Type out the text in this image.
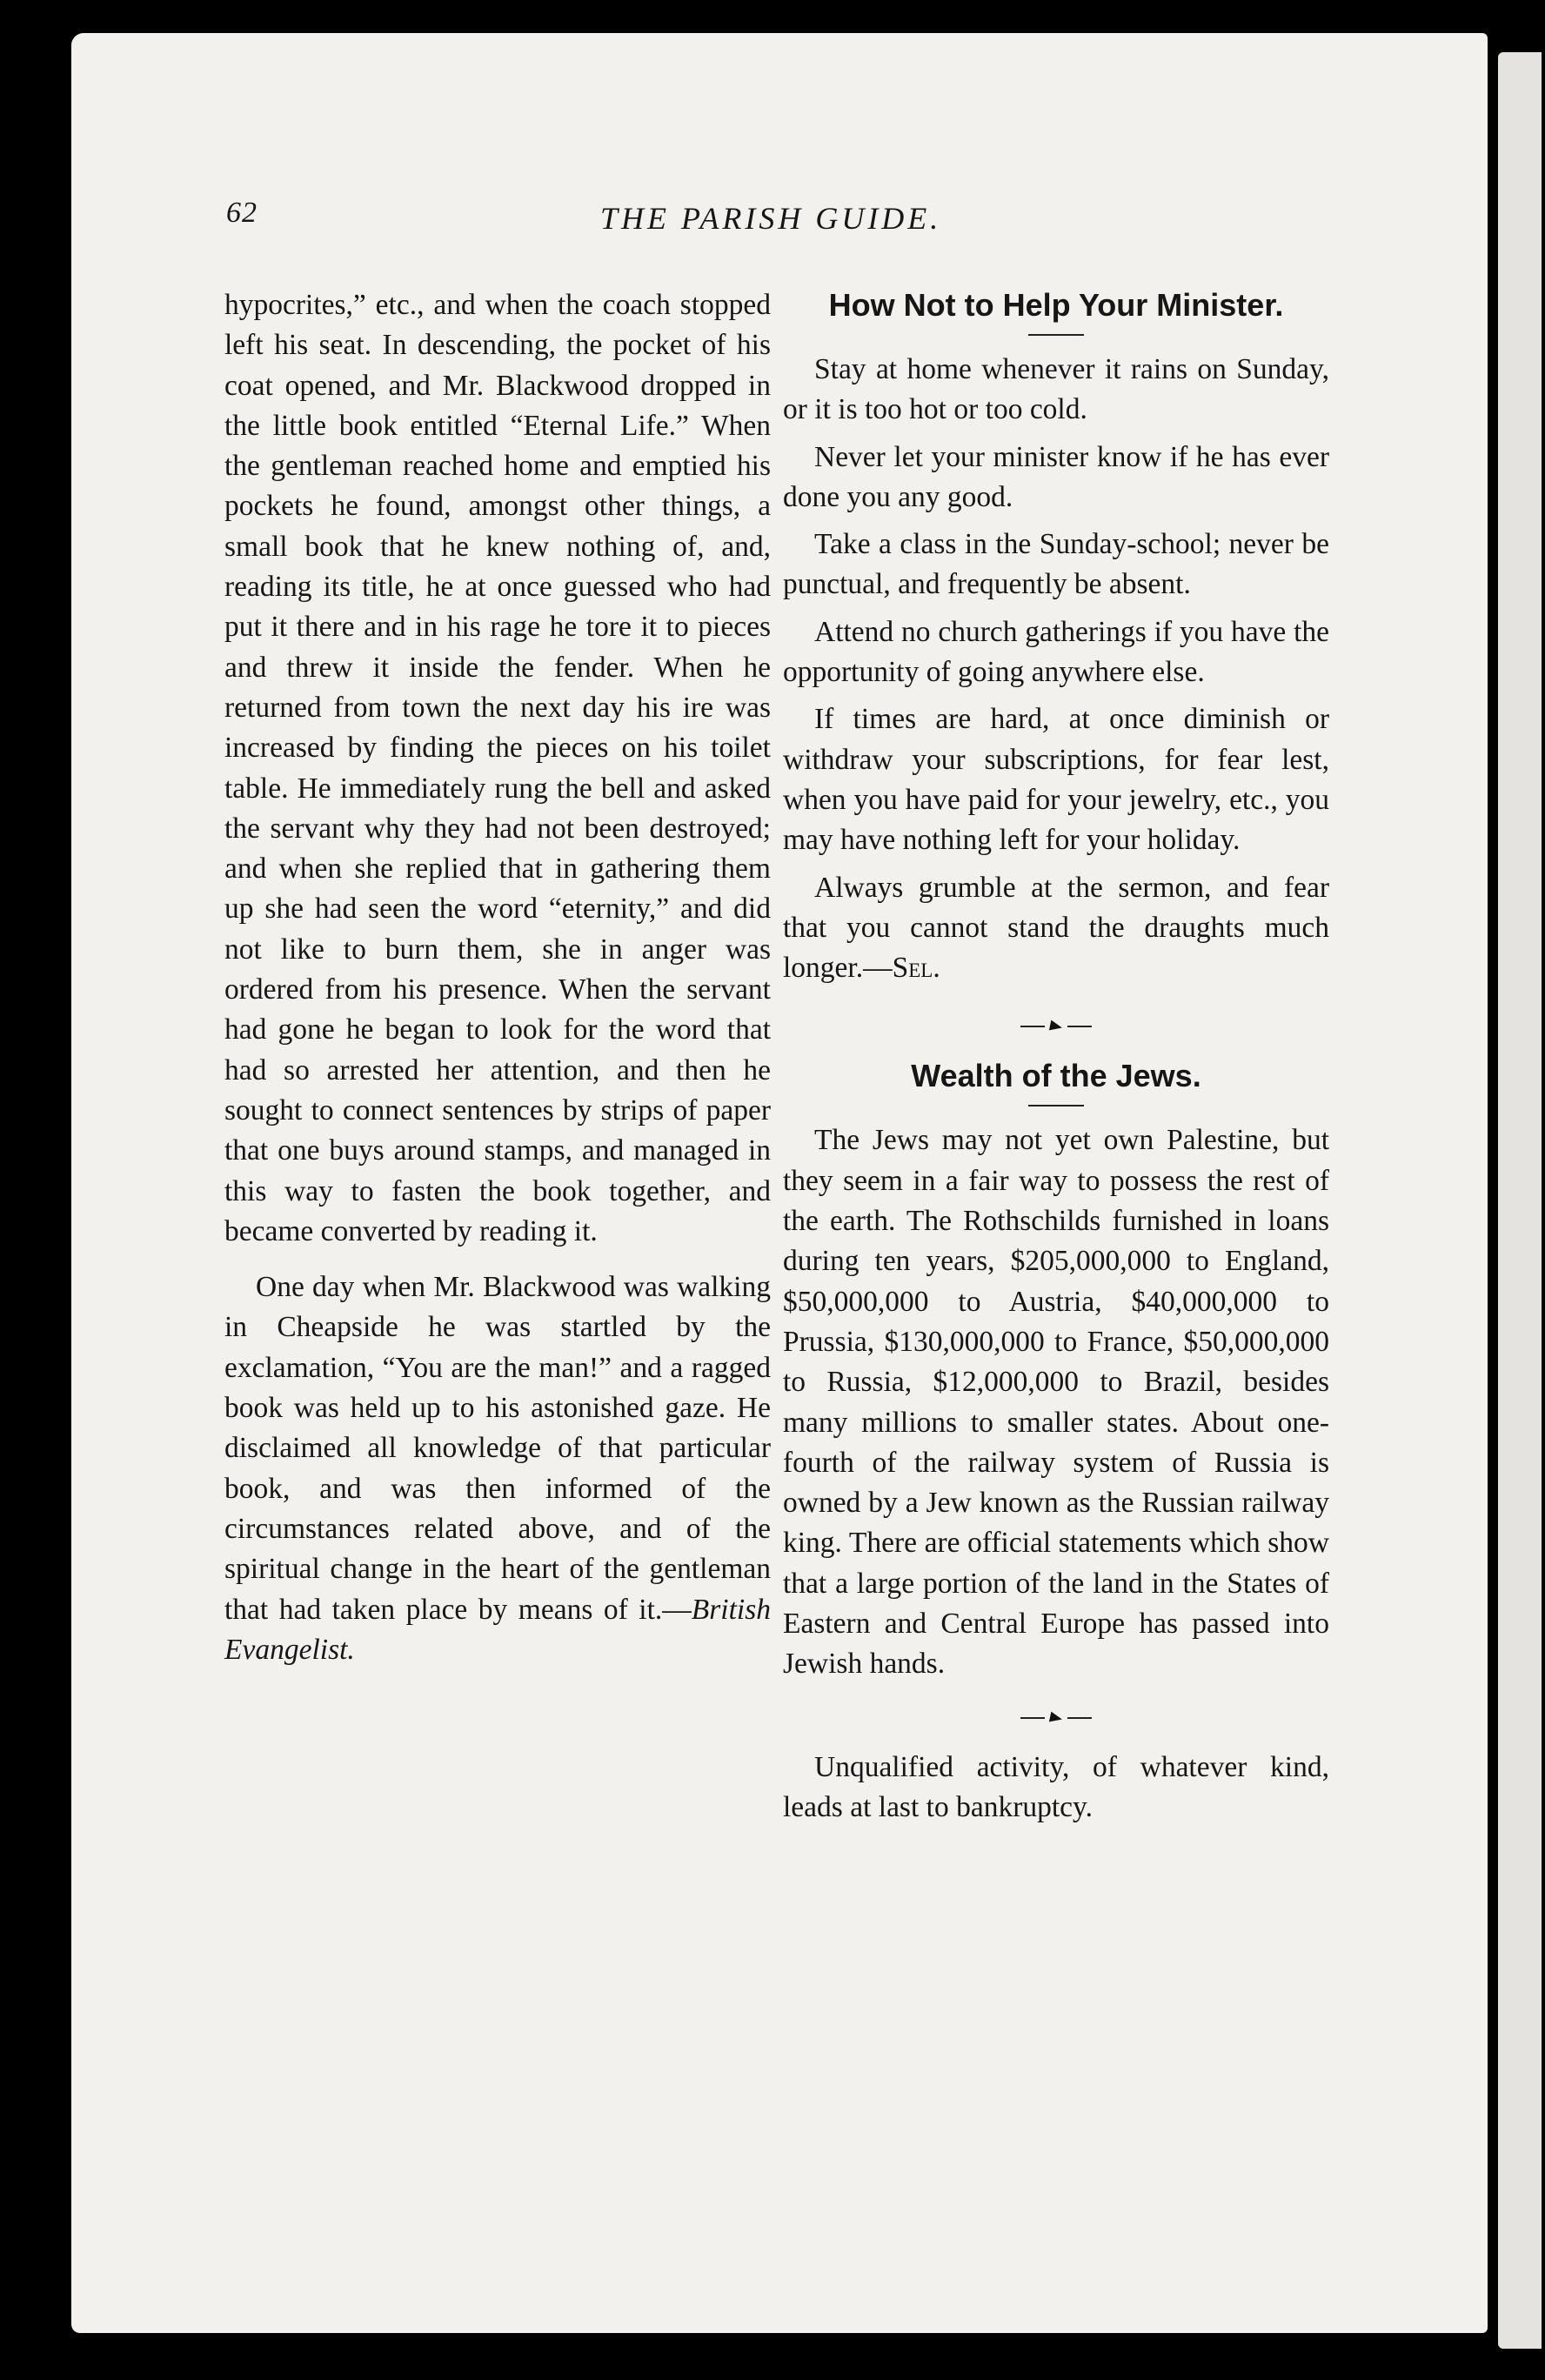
62	THE PARISH GUIDE.

hypocrites,” etc., and when the coach stopped left his seat. In descending, the pocket of his coat opened, and Mr. Blackwood dropped in the little book entitled “Eternal Life.” When the gentleman reached home and emptied his pockets he found, amongst other things, a small book that he knew nothing of, and, reading its title, he at once guessed who had put it there and in his rage he tore it to pieces and threw it inside the fender. When he returned from town the next day his ire was increased by finding the pieces on his toilet table. He immediately rung the bell and asked the servant why they had not been destroyed; and when she replied that in gathering them up she had seen the word “eternity,” and did not like to burn them, she in anger was ordered from his presence. When the servant had gone he began to look for the word that had so arrested her attention, and then he sought to connect sentences by strips of paper that one buys around stamps, and managed in this way to fasten the book together, and became converted by reading it.

One day when Mr. Blackwood was walking in Cheapside he was startled by the exclamation, “You are the man!” and a ragged book was held up to his astonished gaze. He disclaimed all knowledge of that particular book, and was then informed of the circumstances related above, and of the spiritual change in the heart of the gentleman that had taken place by means of it.—British Evangelist.

How Not to Help Your Minister.

Stay at home whenever it rains on Sunday, or it is too hot or too cold.

Never let your minister know if he has ever done you any good.

Take a class in the Sunday-school; never be punctual, and frequently be absent.

Attend no church gatherings if you have the opportunity of going anywhere else.

If times are hard, at once diminish or withdraw your subscriptions, for fear lest, when you have paid for your jewelry, etc., you may have nothing left for your holiday.

Always grumble at the sermon, and fear that you cannot stand the draughts much longer.—Sel.

Wealth of the Jews.

The Jews may not yet own Palestine, but they seem in a fair way to possess the rest of the earth. The Rothschilds furnished in loans during ten years, $205,000,000 to England, $50,000,000 to Austria, $40,000,000 to Prussia, $130,000,000 to France, $50,000,000 to Russia, $12,000,000 to Brazil, besides many millions to smaller states. About one-fourth of the railway system of Russia is owned by a Jew known as the Russian railway king. There are official statements which show that a large portion of the land in the States of Eastern and Central Europe has passed into Jewish hands.

Unqualified activity, of whatever kind, leads at last to bankruptcy.
